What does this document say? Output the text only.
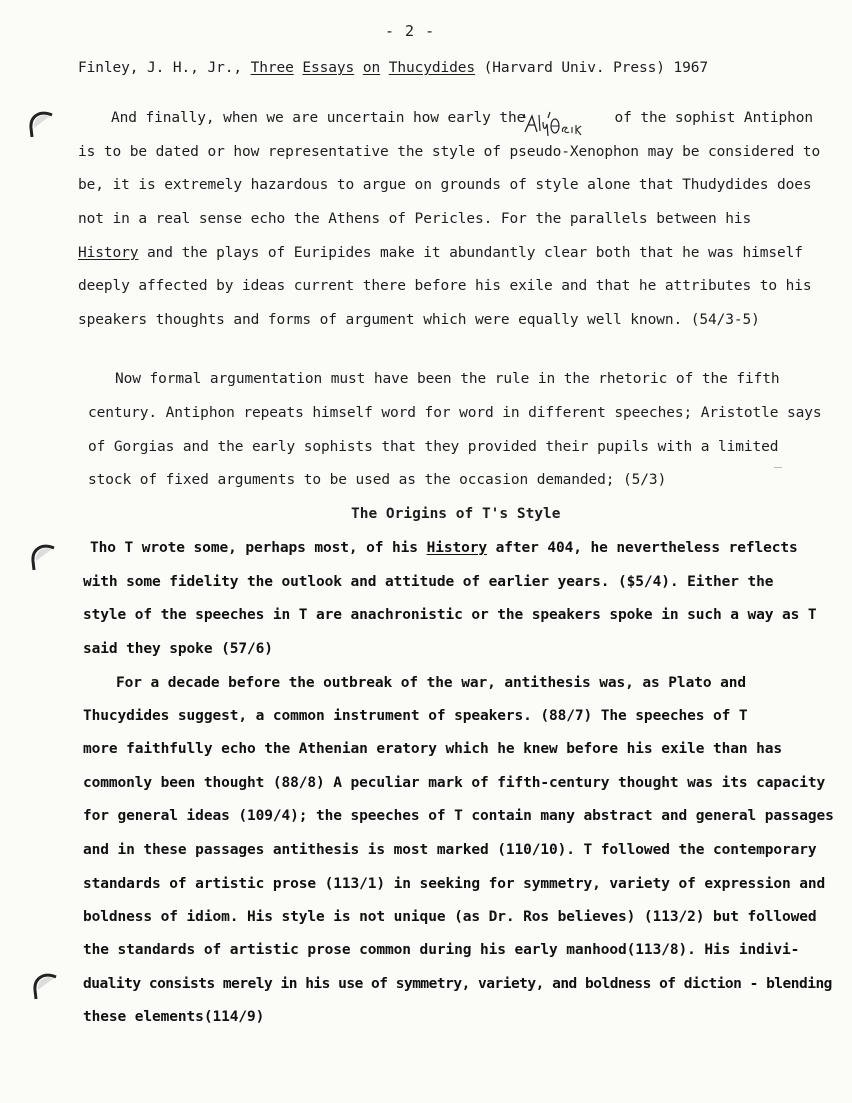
- 2 -
Finley, J. H., Jr., Three Essays on Thucydides (Harvard Univ. Press) 1967
And finally, when we are uncertain how early the	of the sophist Antiphon
is to be dated or how representative the style of pseudo-Xenophon may be considered to
be, it is extremely hazardous to argue on grounds of style alone that Thudydides does
not in a real sense echo the Athens of Pericles. For the parallels between his
History and the plays of Euripides make it abundantly clear both that he was himself
deeply affected by ideas current there before his exile and that he attributes to his
speakers thoughts and forms of argument which were equally well known. (54/3-5)
Now formal argumentation must have been the rule in the rhetoric of the fifth
century. Antiphon repeats himself word for word in different speeches; Aristotle says
of Gorgias and the early sophists that they provided their pupils with a limited
stock of fixed arguments to be used as the occasion demanded; (5/3)
The Origins of T's Style
Tho T wrote some, perhaps most, of his History after 404, he nevertheless reflects
with some fidelity the outlook and attitude of earlier years. ($5/4). Either the
style of the speeches in T are anachronistic or the speakers spoke in such a way as T
said they spoke (57/6)
For a decade before the outbreak of the war, antithesis was, as Plato and
Thucydides suggest, a common instrument of speakers. (88/7) The speeches of T
more faithfully echo the Athenian eratory which he knew before his exile than has
commonly been thought (88/8) A peculiar mark of fifth-century thought was its capacity
for general ideas (109/4); the speeches of T contain many abstract and general passages
and in these passages antithesis is most marked (110/10). T followed the contemporary
standards of artistic prose (113/1) in seeking for symmetry, variety of expression and
boldness of idiom. His style is not unique (as Dr. Ros believes) (113/2) but followed
the standards of artistic prose common during his early manhood(113/8). His indivi-
duality consists merely in his use of symmetry, variety, and boldness of diction - blending
these elements(114/9)
